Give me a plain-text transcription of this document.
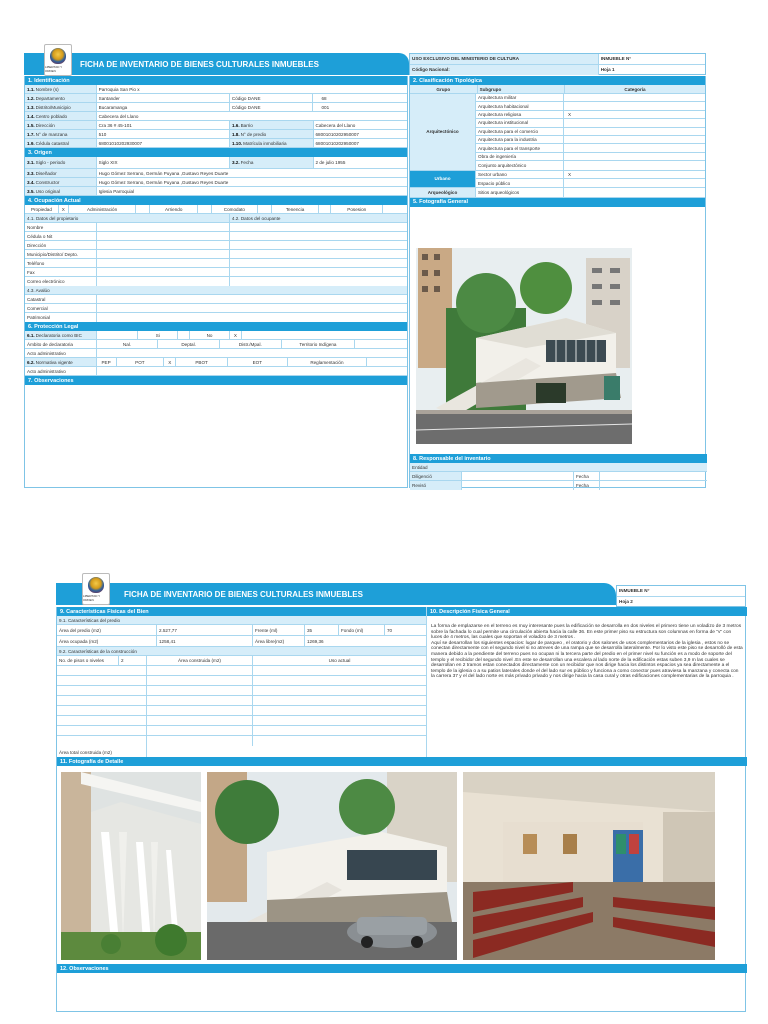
FICHA DE INVENTARIO DE BIENES CULTURALES INMUEBLES
LIBERTAD Y ORDEN
USO EXCLUSIVO DEL MINISTERIO DE CULTURA	INMUEBLE N°
Código Nacional:	Hoja 1
1. Identificación
1.1. Nombre (s)	Parroquia San Pio x
1.2. Departamento	Santander	Código DANE	68
1.3. Distrito/Municipio	Bucaramanga	Código DANE	001
1.4. Centro poblado	Cabecera del Llano
1.5. Dirección	Cra 36 # 45-101	1.6. Barrio	Cabecera del Llano
1.7. N° de manzana	510	1.8. N° de predio	68001010202950007
1.9. Cédula catastral	68001010202930007	1.10. Matrícula inmobiliaria	68001010202950007
3. Origen
3.1. Siglo - periodo	Siglo XIX	3.2. Fecha	2 de julio 1955
3.3. Diseñador	Hugo Gómez Serrano, Germán Puyana ,Gustavo Reyes Duarte
3.4. Constructor	Hugo Gómez Serrano, Germán Puyana ,Gustavo Reyes Duarte
3.5. Uso original	Iglesia Parroquial
4. Ocupación Actual
Propiedad	X	Administración	Arriendo	Comodato	Tenencia	Posesion
4.1. Datos del propietario	4.2. Datos del ocupante
Nombre
Cédula o Nit
Dirección
Municipio/Distrito/ Depto.
Teléfono
Fax
Correo electrónico
4.3. Avalúo
Catastral
Comercial
Patrimonial
6. Protección Legal
6.1. Declaratoria como BIC	Si	No	X
Ámbito de declaratoria	Nal.	Deptal.	Distr./Mpal.	Territorio Indígena
Acto administrativo
6.2. Normativa vigente	PEP	POT	X	PBOT	EOT	Reglamentación
Acto administrativo
7. Observaciones
2. Clasificación Tipológica
Grupo	Subgrupo	Categoría
Arquitectónico
Arquitectura militar
Arquitectura habitacional
Arquitectura religiosa	X
Arquitectura institucional
Arquitectura para el comercio
Arquitectura para la industria
Arquitectura para el transporte
Obra de ingeniería
Conjunto arquitectónico
Urbano
Sector urbano	X
Espacio público
Arqueológico	Sitios arqueológicos
5. Fotografía General
8. Responsable del inventario
Entidad
Diligenció	Fecha
Revisó	Fecha
FICHA DE INVENTARIO DE BIENES CULTURALES INMUEBLES
LIBERTAD Y ORDEN
INMUEBLE N°
Hoja 2
9. Características Físicas del Bien
9.1. Características del predio
Área del predio (m2)	2.527,77	Frente (ml)	35	Fondo (ml)	70
Área ocupada (m2)	1258,41	Área libre(m2)	1269,36
9.2. Características de la construcción
No. de pisos o niveles	2	Área construida (m2)	Uso actual
Área total construida (m2)
10. Descripción Física General
La forma de emplazarse en el terreno es muy interesante pues la edificación se desarrolla en dos niveles el primero tiene un voladizo de 3 metros sobre la fachada lo cual permite una circulación abierta hacia la calle 36. En este primer piso su estructura son columnas en forma de "v" con luces de 4 metros, las cuales que soportan el voladizo de 3 metros .
Aquí se desarrollan los siguientes espacios: lugar de parqueo , el oratorio y dos salones de usos complementarios de la iglesia , estos no se conectan directamente con el segundo nivel si no atreves de una rampa que se desarrolla lateralmente. Por lo visto este piso se desarrolló de esta manera debido a la pendiente del terreno pues no ocupan ni la tercera parte del predio en el primer nivel su función es a modo de soporte del templo y el recibidor del segundo nivel .En este se desarrollan una escalera al lado norte de la edificación estas suben 3,9 m las cuales se desarrollan en 2 tramos estan conectados directamente con un recibidor que nos dirige hacia los distintos espacios ya sea directamente a el templo de la iglesia o a su patios laterales donde el del lado sur es público y funciona a como conector pues atraviesa la manzana y conecta con la carrera 37 y el del lado norte es más privado privado y nos dirige hacia la casa cural y otras edificaciones complementarias de la parroquia .
11. Fotografía de Detalle
12. Observaciones
